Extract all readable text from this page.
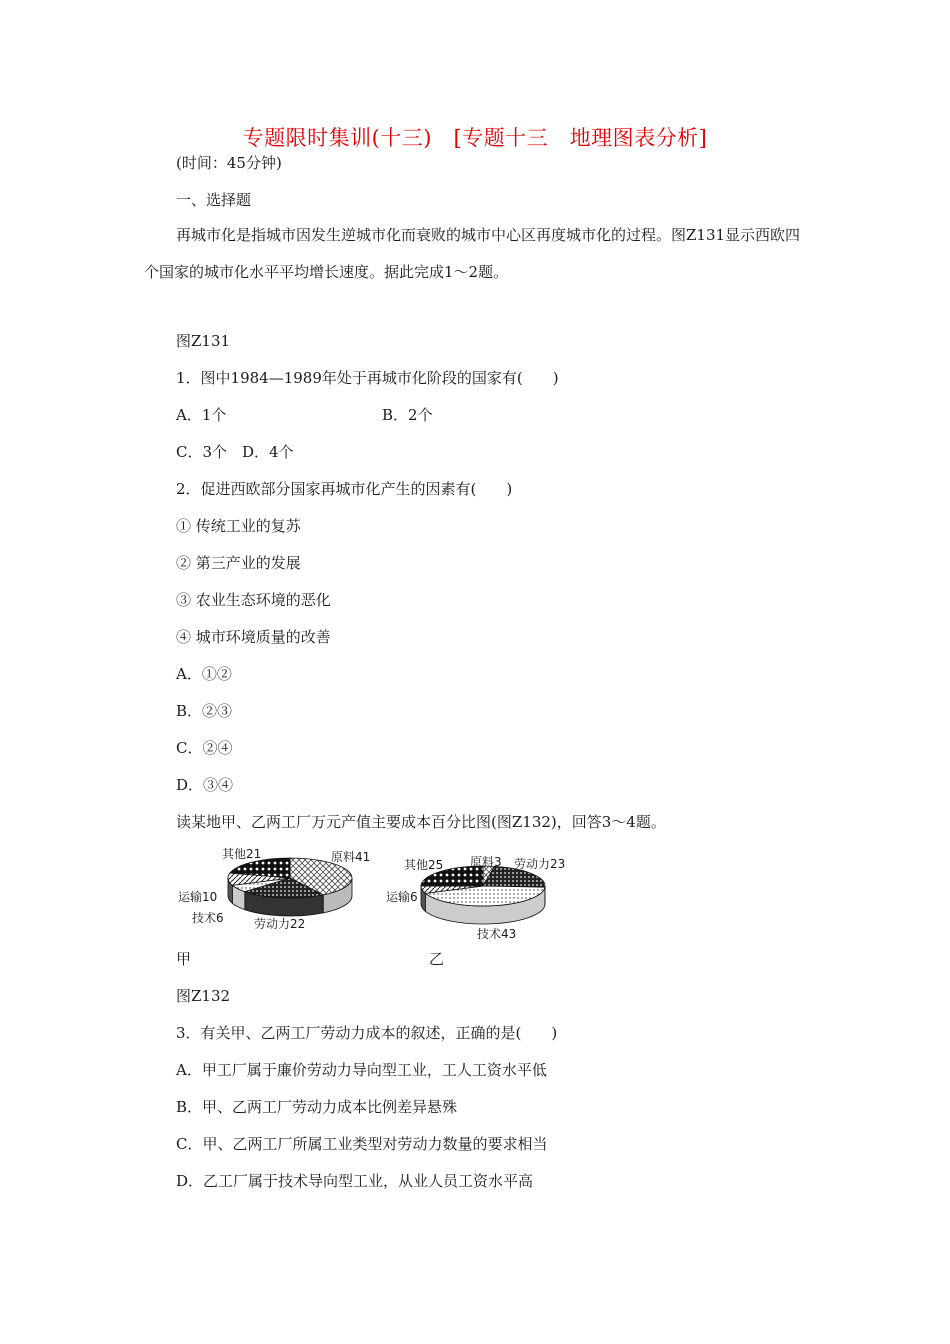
专题限时集训(十三)　[专题十三　地理图表分析]
(时间：45分钟)
一、选择题
再城市化是指城市因发生逆城市化而衰败的城市中心区再度城市化的过程。图Z131显示西欧四个国家的城市化水平平均增长速度。据此完成1～2题。
图Z131
1．图中1984—1989年处于再城市化阶段的国家有(　　)
A．1个	B．2个
C．3个　D．4个
2．促进西欧部分国家再城市化产生的因素有(　　)
① 传统工业的复苏
② 第三产业的发展
③ 农业生态环境的恶化
④ 城市环境质量的改善
A．①②
B．②③
C．②④
D．③④
读某地甲、乙两工厂万元产值主要成本百分比图(图Z132)，回答3～4题。
其他21	原料41
运输10
技术6	劳动力22
甲
其他25 原料3 劳动力23
运输6
技术43
乙
图Z132
3．有关甲、乙两工厂劳动力成本的叙述，正确的是(　　)
A．甲工厂属于廉价劳动力导向型工业，工人工资水平低
B．甲、乙两工厂劳动力成本比例差异悬殊
C．甲、乙两工厂所属工业类型对劳动力数量的要求相当
D．乙工厂属于技术导向型工业，从业人员工资水平高
